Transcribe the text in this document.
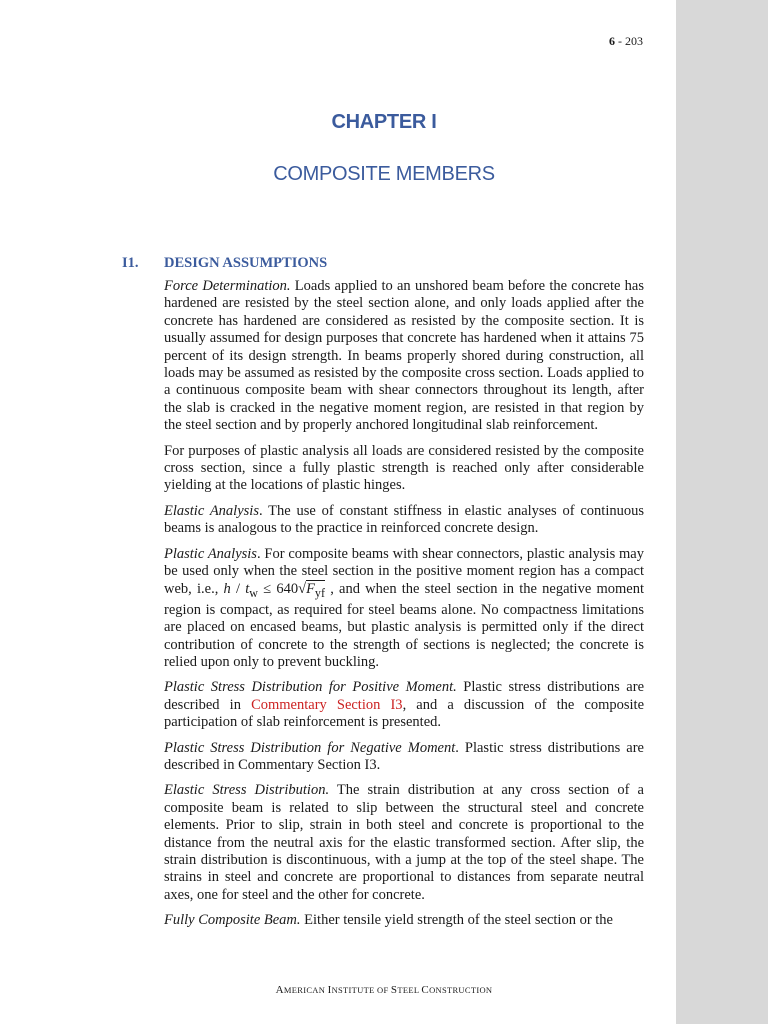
6 - 203
CHAPTER I
COMPOSITE MEMBERS
I1. DESIGN ASSUMPTIONS

Force Determination. Loads applied to an unshored beam before the concrete has hardened are resisted by the steel section alone, and only loads applied after the concrete has hardened are considered as resisted by the composite section. It is usually assumed for design purposes that concrete has hardened when it attains 75 percent of its design strength. In beams properly shored during construction, all loads may be assumed as resisted by the composite cross section. Loads applied to a continuous composite beam with shear connectors throughout its length, after the slab is cracked in the negative moment region, are resisted in that region by the steel section and by properly anchored longitudinal slab reinforcement.

For purposes of plastic analysis all loads are considered resisted by the composite cross section, since a fully plastic strength is reached only after considerable yielding at the locations of plastic hinges.

Elastic Analysis. The use of constant stiffness in elastic analyses of continuous beams is analogous to the practice in reinforced concrete design.

Plastic Analysis. For composite beams with shear connectors, plastic analysis may be used only when the steel section in the positive moment region has a compact web, i.e., $h / t_w \le 640√F_{yf}$ , and when the steel section in the negative moment region is compact, as required for steel beams alone. No compactness limitations are placed on encased beams, but plastic analysis is permitted only if the direct contribution of concrete to the strength of sections is neglected; the concrete is relied upon only to prevent buckling.

Plastic Stress Distribution for Positive Moment. Plastic stress distributions are described in Commentary Section I3, and a discussion of the composite participation of slab reinforcement is presented.

Plastic Stress Distribution for Negative Moment. Plastic stress distributions are described in Commentary Section I3.

Elastic Stress Distribution. The strain distribution at any cross section of a composite beam is related to slip between the structural steel and concrete elements. Prior to slip, strain in both steel and concrete is proportional to the distance from the neutral axis for the elastic transformed section. After slip, the strain distribution is discontinuous, with a jump at the top of the steel shape. The strains in steel and concrete are proportional to distances from separate neutral axes, one for steel and the other for concrete.

Fully Composite Beam. Either tensile yield strength of the steel section or the

AMERICAN INSTITUTE OF STEEL CONSTRUCTION
